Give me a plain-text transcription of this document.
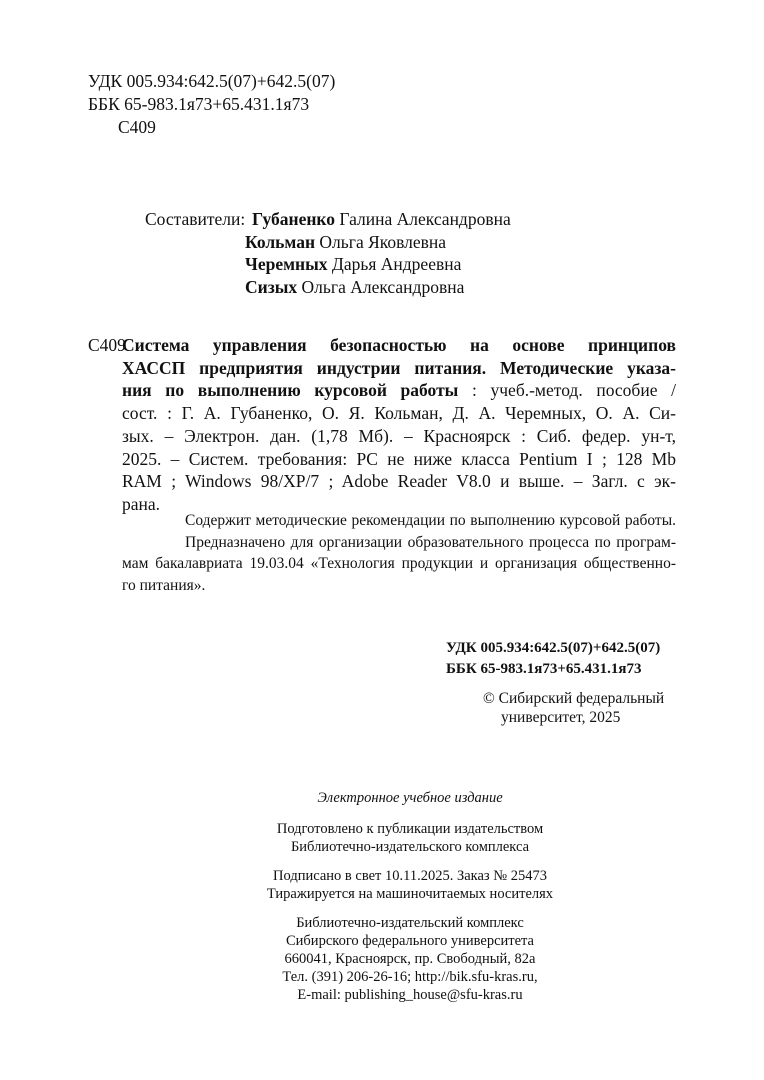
УДК 005.934:642.5(07)+642.5(07)
ББК 65-983.1я73+65.431.1я73
С409
Составители: Губаненко Галина Александровна
Кольман Ольга Яковлевна
Черемных Дарья Андреевна
Сизых Ольга Александровна
С409
Система управления безопасностью на основе принципов
ХАССП предприятия индустрии питания. Методические указа-
ния по выполнению курсовой работы : учеб.-метод. пособие /
сост. : Г. А. Губаненко, О. Я. Кольман, Д. А. Черемных, О. А. Си-
зых. – Электрон. дан. (1,78 Мб). – Красноярск : Сиб. федер. ун-т,
2025. – Систем. требования: PC не ниже класса Pentium I ; 128 Mb
RAM ; Windows 98/XP/7 ; Adobe Reader V8.0 и выше. – Загл. с эк-
рана.
Содержит методические рекомендации по выполнению курсовой работы.
Предназначено для организации образовательного процесса по програм-
мам бакалавриата 19.03.04 «Технология продукции и организация общественно-
го питания».
УДК 005.934:642.5(07)+642.5(07)
ББК 65-983.1я73+65.431.1я73
© Сибирский федеральный
университет, 2025
Электронное учебное издание
Подготовлено к публикации издательством
Библиотечно-издательского комплекса
Подписано в свет 10.11.2025. Заказ № 25473
Тиражируется на машиночитаемых носителях
Библиотечно-издательский комплекс
Сибирского федерального университета
660041, Красноярск, пр. Свободный, 82а
Тел. (391) 206-26-16; http://bik.sfu-kras.ru,
E-mail: publishing_house@sfu-kras.ru
